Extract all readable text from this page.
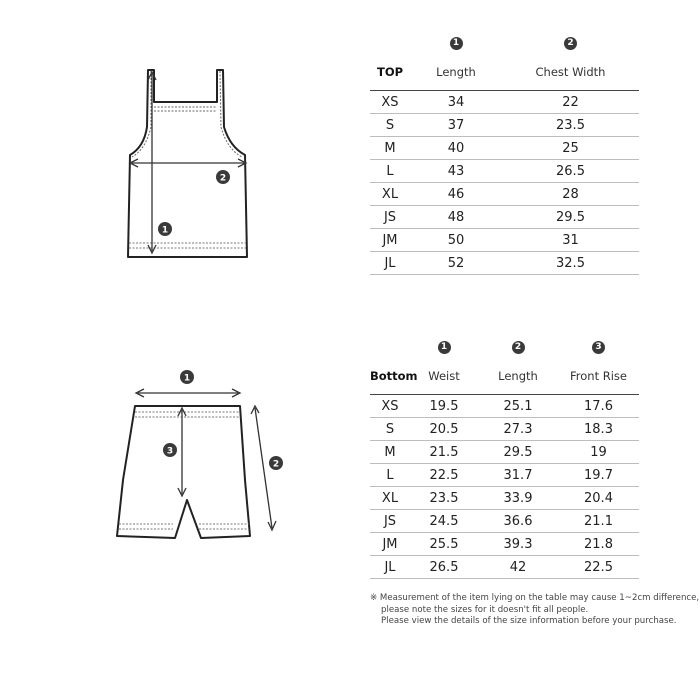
1
2
1
2
3
	1	2
TOP	Length	Chest Width
XS	34	22
S	37	23.5
M	40	25
L	43	26.5
XL	46	28
JS	48	29.5
JM	50	31
JL	52	32.5
	1	2	3
Bottom	Weist	Length	Front Rise
XS	19.5	25.1	17.6
S	20.5	27.3	18.3
M	21.5	29.5	19
L	22.5	31.7	19.7
XL	23.5	33.9	20.4
JS	24.5	36.6	21.1
JM	25.5	39.3	21.8
JL	26.5	42	22.5
※ Measurement of the item lying on the table may cause 1~2cm difference,
please note the sizes for it doesn't fit all people.
Please view the details of the size information before your purchase.
